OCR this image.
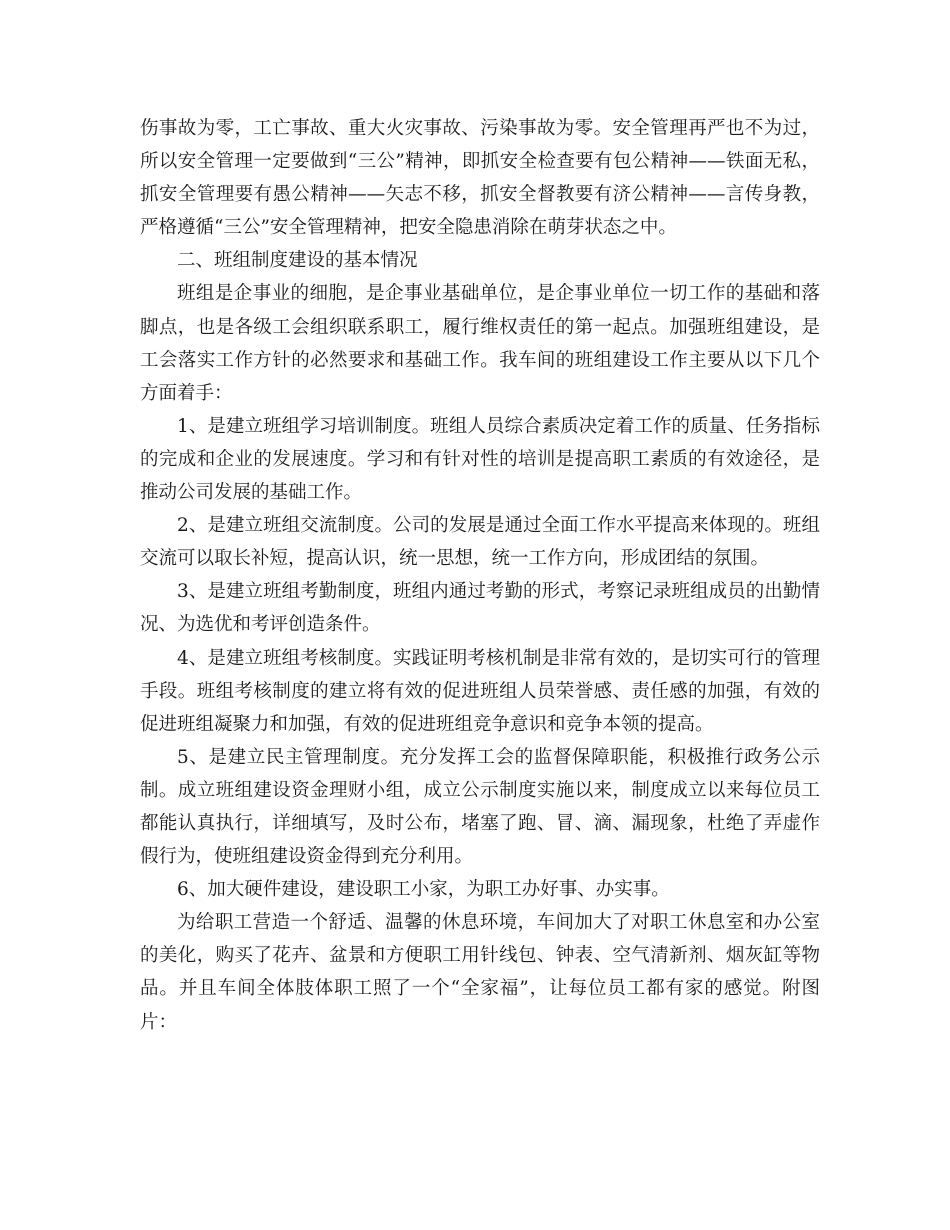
伤事故为零，工亡事故、重大火灾事故、污染事故为零。安全管理再严也不为过，所以安全管理一定要做到“三公”精神，即抓安全检查要有包公精神——铁面无私，抓安全管理要有愚公精神——矢志不移，抓安全督教要有济公精神——言传身教，严格遵循“三公”安全管理精神，把安全隐患消除在萌芽状态之中。

二、班组制度建设的基本情况

班组是企事业的细胞，是企事业基础单位，是企事业单位一切工作的基础和落脚点，也是各级工会组织联系职工，履行维权责任的第一起点。加强班组建设，是工会落实工作方针的必然要求和基础工作。我车间的班组建设工作主要从以下几个方面着手：

1、是建立班组学习培训制度。班组人员综合素质决定着工作的质量、任务指标的完成和企业的发展速度。学习和有针对性的培训是提高职工素质的有效途径，是推动公司发展的基础工作。

2、是建立班组交流制度。公司的发展是通过全面工作水平提高来体现的。班组交流可以取长补短，提高认识，统一思想，统一工作方向，形成团结的氛围。

3、是建立班组考勤制度，班组内通过考勤的形式，考察记录班组成员的出勤情况、为选优和考评创造条件。

4、是建立班组考核制度。实践证明考核机制是非常有效的，是切实可行的管理手段。班组考核制度的建立将有效的促进班组人员荣誉感、责任感的加强，有效的促进班组凝聚力和加强，有效的促进班组竞争意识和竞争本领的提高。

5、是建立民主管理制度。充分发挥工会的监督保障职能，积极推行政务公示制。成立班组建设资金理财小组，成立公示制度实施以来，制度成立以来每位员工都能认真执行，详细填写，及时公布，堵塞了跑、冒、滴、漏现象，杜绝了弄虚作假行为，使班组建设资金得到充分利用。

6、加大硬件建设，建设职工小家，为职工办好事、办实事。

为给职工营造一个舒适、温馨的休息环境，车间加大了对职工休息室和办公室的美化，购买了花卉、盆景和方便职工用针线包、钟表、空气清新剂、烟灰缸等物品。并且车间全体肢体职工照了一个“全家福”，让每位员工都有家的感觉。附图片：
